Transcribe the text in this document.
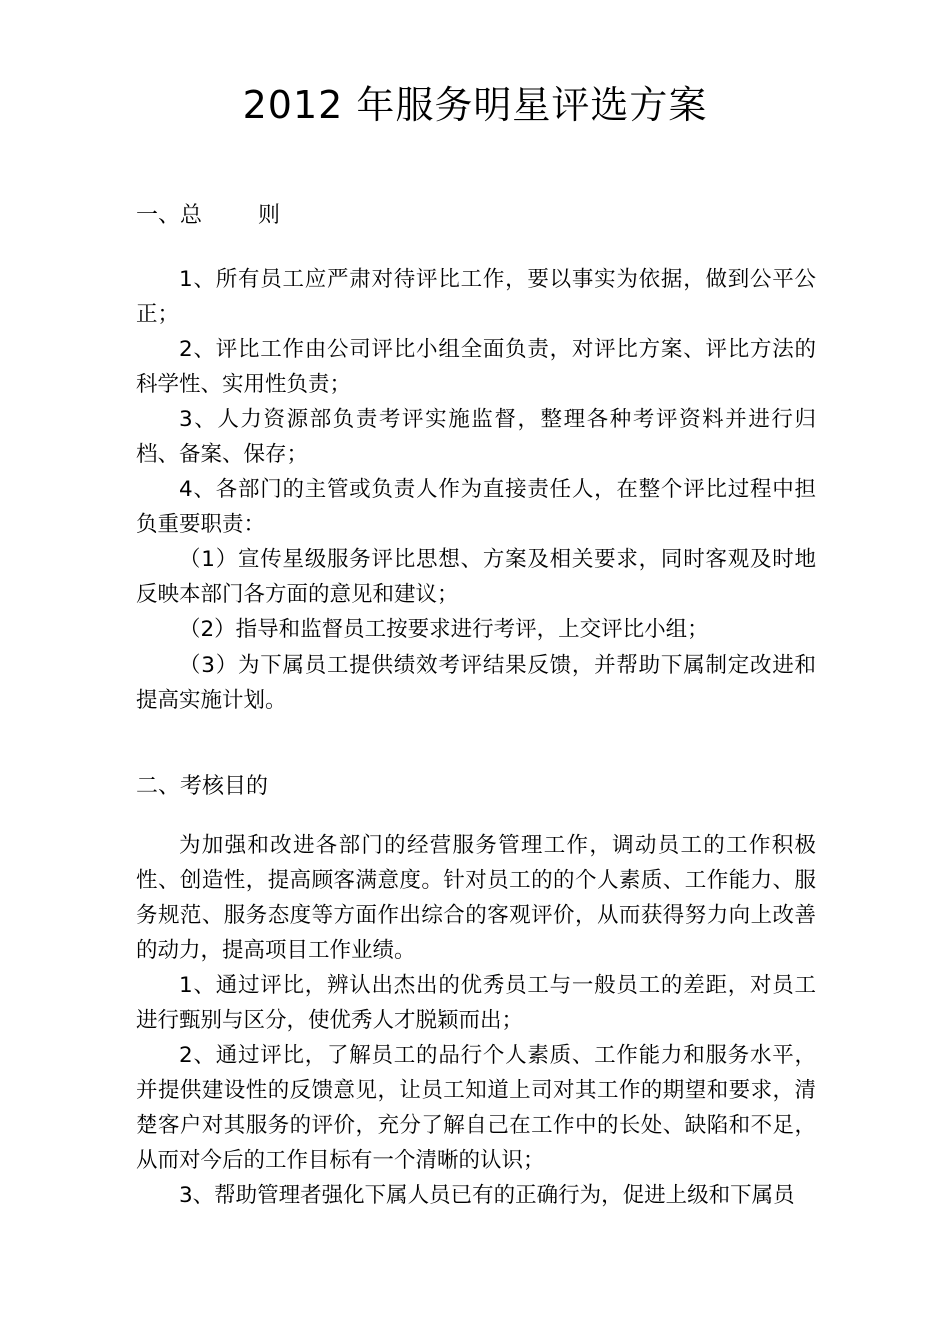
2012 年服务明星评选方案
一、总        则

1、所有员工应严肃对待评比工作，要以事实为依据，做到公平公正；

2、评比工作由公司评比小组全面负责，对评比方案、评比方法的科学性、实用性负责；

3、人力资源部负责考评实施监督，整理各种考评资料并进行归档、备案、保存；

4、各部门的主管或负责人作为直接责任人，在整个评比过程中担负重要职责：

（1）宣传星级服务评比思想、方案及相关要求，同时客观及时地反映本部门各方面的意见和建议；

（2）指导和监督员工按要求进行考评，上交评比小组；

（3）为下属员工提供绩效考评结果反馈，并帮助下属制定改进和提高实施计划。

二、考核目的

为加强和改进各部门的经营服务管理工作，调动员工的工作积极性、创造性，提高顾客满意度。针对员工的的个人素质、工作能力、服务规范、服务态度等方面作出综合的客观评价，从而获得努力向上改善的动力，提高项目工作业绩。

1、通过评比，辨认出杰出的优秀员工与一般员工的差距，对员工进行甄别与区分，使优秀人才脱颖而出；

2、通过评比，了解员工的品行个人素质、工作能力和服务水平，并提供建设性的反馈意见，让员工知道上司对其工作的期望和要求，清楚客户对其服务的评价，充分了解自己在工作中的长处、缺陷和不足，从而对今后的工作目标有一个清晰的认识；

3、帮助管理者强化下属人员已有的正确行为，促进上级和下属员
